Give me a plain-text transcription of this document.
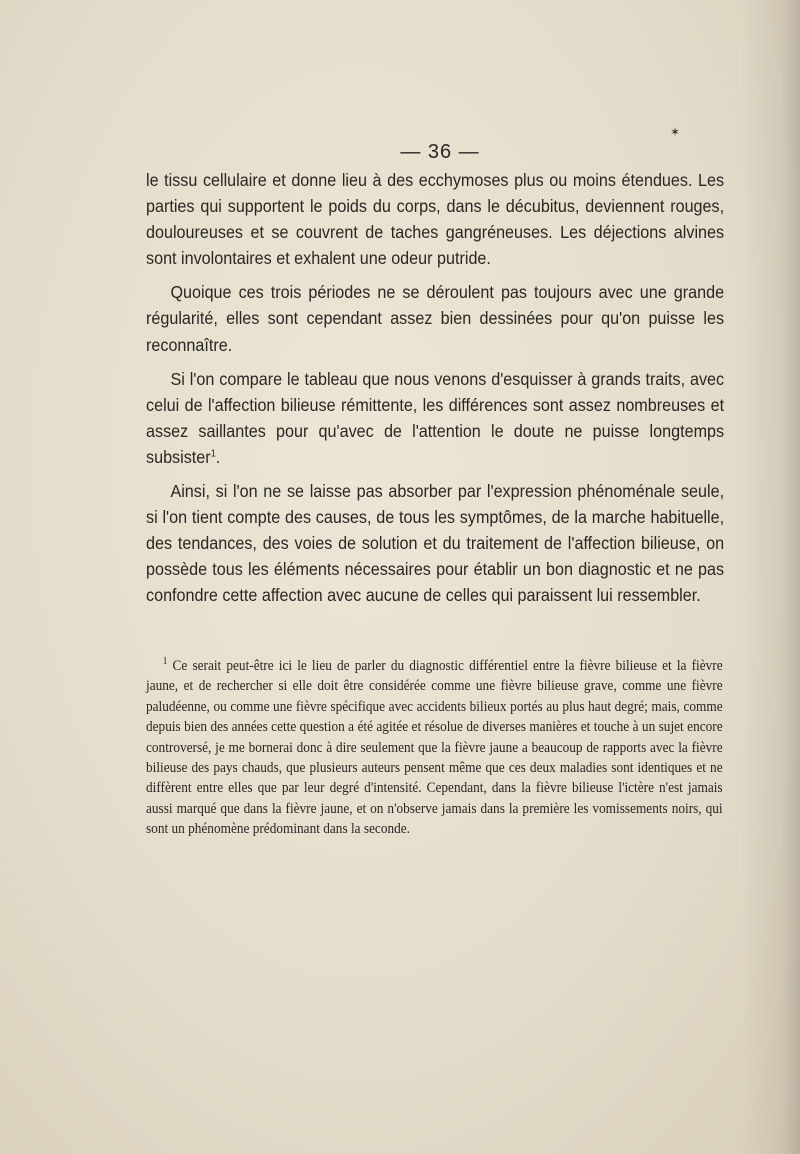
✶
— 36 —

le tissu cellulaire et donne lieu à des ecchymoses plus ou moins étendues. Les parties qui supportent le poids du corps, dans le décubitus, deviennent rouges, douloureuses et se couvrent de taches gangréneuses. Les déjections alvines sont involontaires et exhalent une odeur putride.

Quoique ces trois périodes ne se déroulent pas toujours avec une grande régularité, elles sont cependant assez bien dessinées pour qu'on puisse les reconnaître.

Si l'on compare le tableau que nous venons d'esquisser à grands traits, avec celui de l'affection bilieuse rémittente, les différences sont assez nombreuses et assez saillantes pour qu'avec de l'attention le doute ne puisse longtemps subsister$^1$.

Ainsi, si l'on ne se laisse pas absorber par l'expression phénoménale seule, si l'on tient compte des causes, de tous les symptômes, de la marche habituelle, des tendances, des voies de solution et du traitement de l'affection bilieuse, on possède tous les éléments nécessaires pour établir un bon diagnostic et ne pas confondre cette affection avec aucune de celles qui paraissent lui ressembler.

$^1$ Ce serait peut-être ici le lieu de parler du diagnostic différentiel entre la fièvre bilieuse et la fièvre jaune, et de rechercher si elle doit être considérée comme une fièvre bilieuse grave, comme une fièvre paludéenne, ou comme une fièvre spécifique avec accidents bilieux portés au plus haut degré; mais, comme depuis bien des années cette question a été agitée et résolue de diverses manières et touche à un sujet encore controversé, je me bornerai donc à dire seulement que la fièvre jaune a beaucoup de rapports avec la fièvre bilieuse des pays chauds, que plusieurs auteurs pensent même que ces deux maladies sont identiques et ne diffèrent entre elles que par leur degré d'intensité. Cependant, dans la fièvre bilieuse l'ictère n'est jamais aussi marqué que dans la fièvre jaune, et on n'observe jamais dans la première les vomissements noirs, qui sont un phénomène prédominant dans la seconde.
